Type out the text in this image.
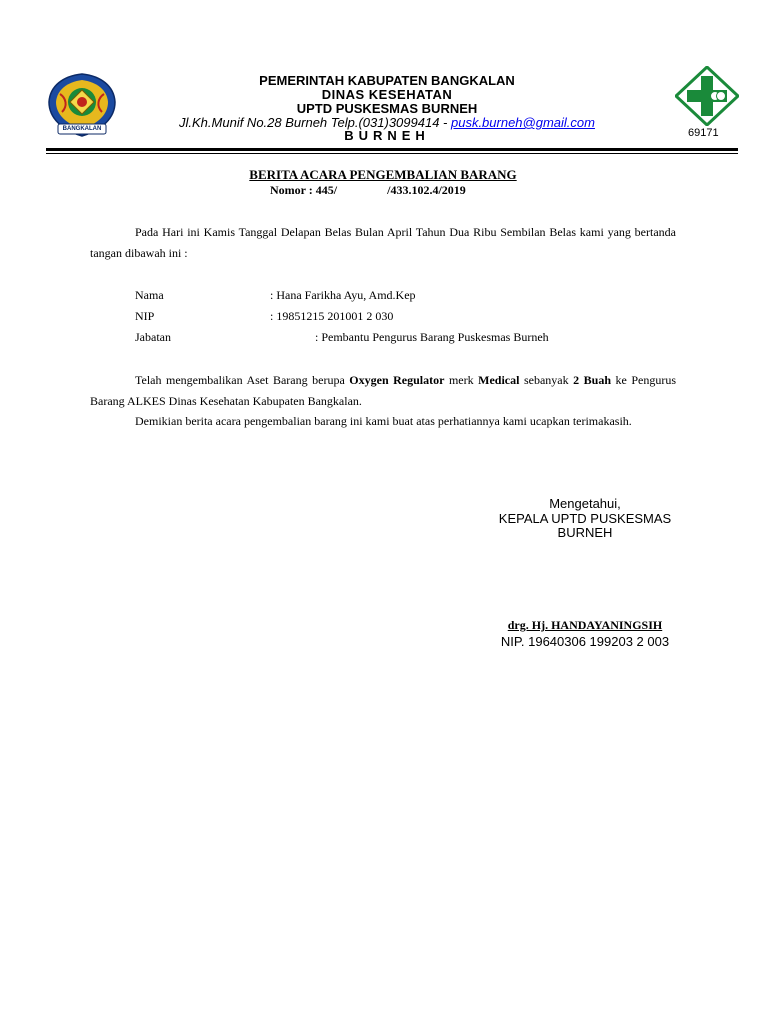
BANGKALAN
PEMERINTAH KABUPATEN BANGKALAN
DINAS KESEHATAN
UPTD PUSKESMAS BURNEH
Jl.Kh.Munif No.28 Burneh Telp.(031)3099414 - pusk.burneh@gmail.com
BURNEH	69171
BERITA ACARA PENGEMBALIAN BARANG
Nomor : 445/	/433.102.4/2019
Pada Hari ini Kamis Tanggal Delapan Belas Bulan April Tahun Dua Ribu Sembilan Belas kami yang bertanda tangan dibawah ini :
Nama	: Hana Farikha Ayu, Amd.Kep
NIP	: 19851215 201001 2 030
Jabatan	: Pembantu Pengurus Barang Puskesmas Burneh
Telah mengembalikan Aset Barang berupa Oxygen Regulator merk Medical sebanyak 2 Buah ke Pengurus Barang ALKES Dinas Kesehatan Kabupaten Bangkalan.
Demikian berita acara pengembalian barang ini kami buat atas perhatiannya kami ucapkan terimakasih.
Mengetahui,
KEPALA UPTD PUSKESMAS
BURNEH
drg. Hj. HANDAYANINGSIH
NIP. 19640306 199203 2 003
